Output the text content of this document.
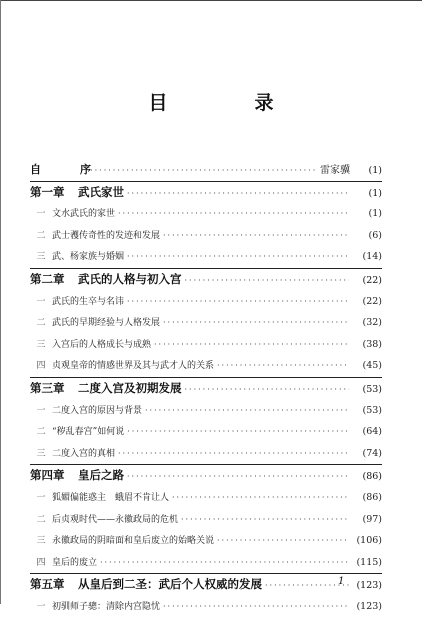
目　录
自　序 ·····	雷家骥	(1)
第一章	武氏家世 ·····	(1)
一 文水武氏的家世 ·····	(1)
二 武士彟传奇性的发迹和发展 ·····	(6)
三 武、杨家族与婚姻 ·····	(14)
第二章	武氏的人格与初入宫 ·····	(22)
一 武氏的生卒与名讳 ·····	(22)
二 武氏的早期经验与人格发展 ·····	(32)
三 入宫后的人格成长与成熟 ·····	(38)
四 贞观皇帝的情感世界及其与武才人的关系 ·····	(45)
第三章	二度入宫及初期发展 ·····	(53)
一 二度入宫的原因与背景 ·····	(53)
二 “秽乱春宫”如何说 ·····	(64)
三 二度入宫的真相 ·····	(74)
第四章	皇后之路 ·····	(86)
一 狐媚偏能惑主　蛾眉不肯让人 ·····	(86)
二 后贞观时代——永徽政局的危机 ·····	(97)
三 永徽政局的阴暗面和皇后废立的始略关说 ·····	(106)
四 皇后的废立 ·····	(115)
第五章	从皇后到二圣：武后个人权威的发展 ·····	(123)
一 初驯师子骢：清除内宫隐忧 ·····	(123)
1
